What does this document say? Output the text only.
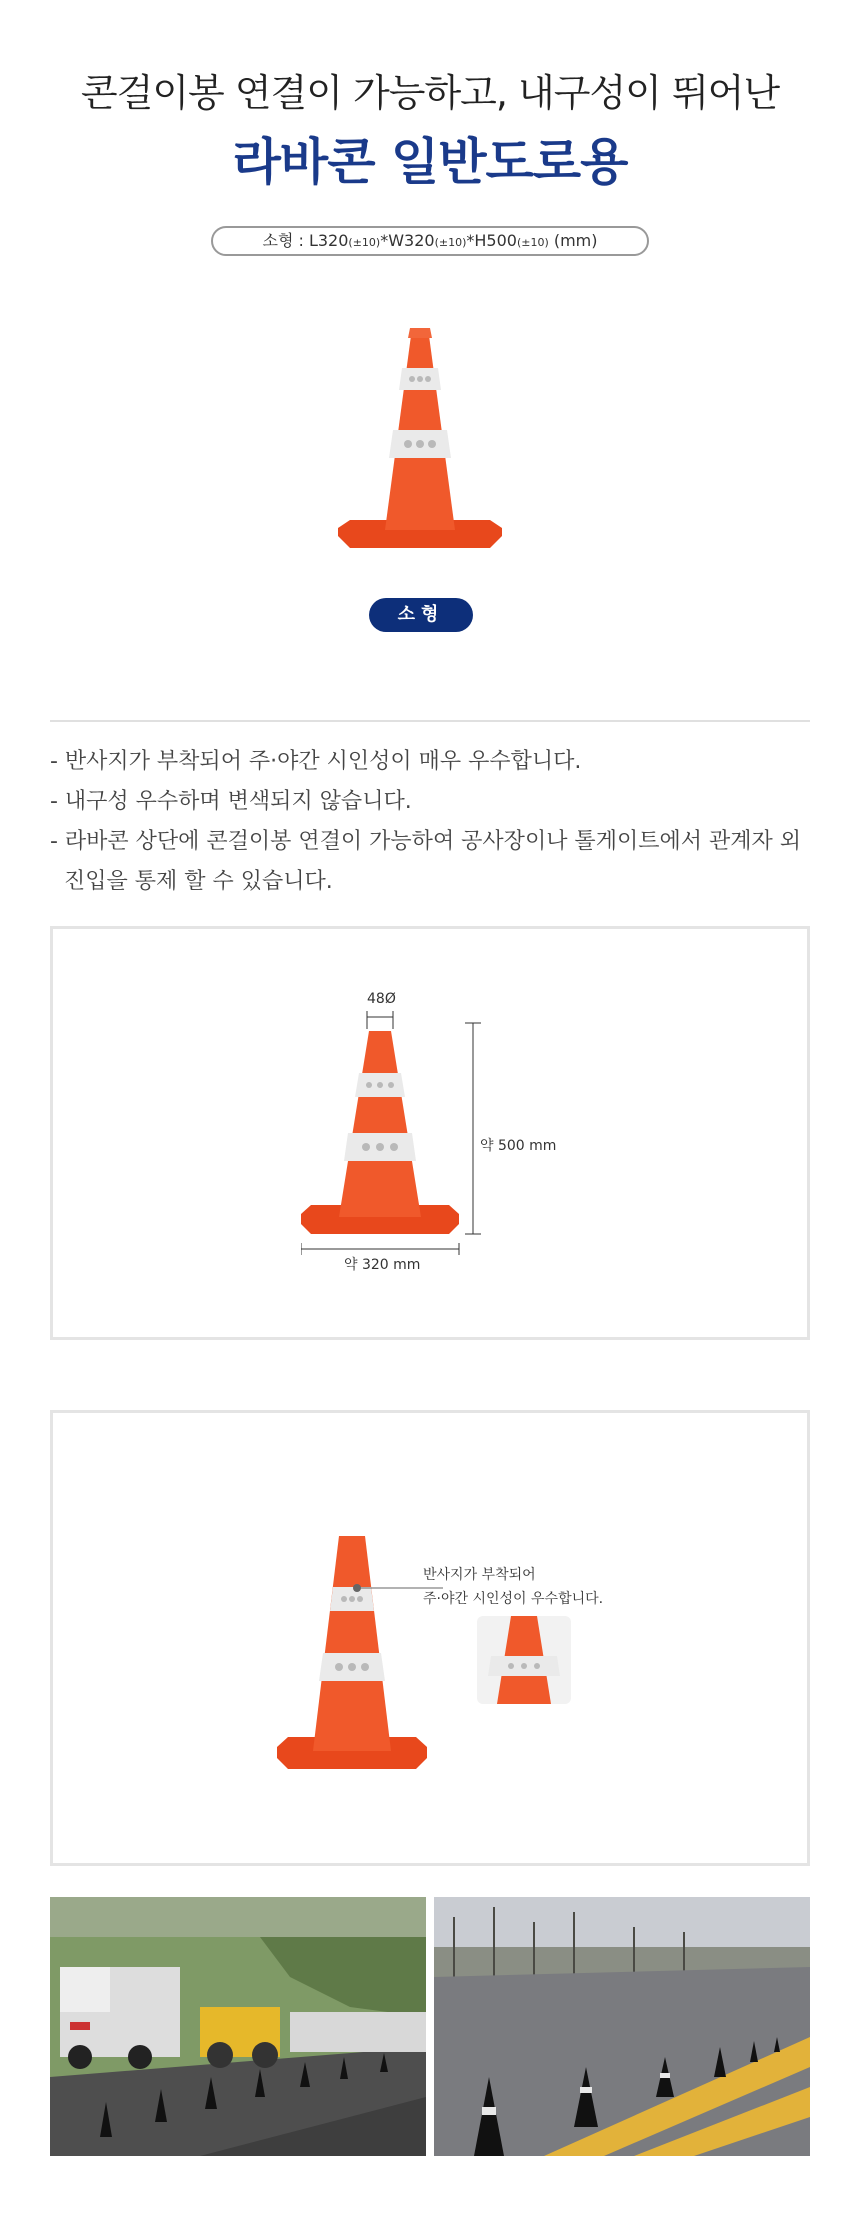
콘걸이봉 연결이 가능하고, 내구성이 뛰어난
라바콘 일반도로용
소형 : L320(±10)*W320(±10)*H500(±10) (mm)
소형
- 반사지가 부착되어 주·야간 시인성이 매우 우수합니다.
- 내구성 우수하며 변색되지 않습니다.
- 라바콘 상단에 콘걸이봉 연결이 가능하여 공사장이나 톨게이트에서 관계자 외
진입을 통제 할 수 있습니다.
48Ø
약 500 mm
약 320 mm
반사지가 부착되어
주·야간 시인성이 우수합니다.
